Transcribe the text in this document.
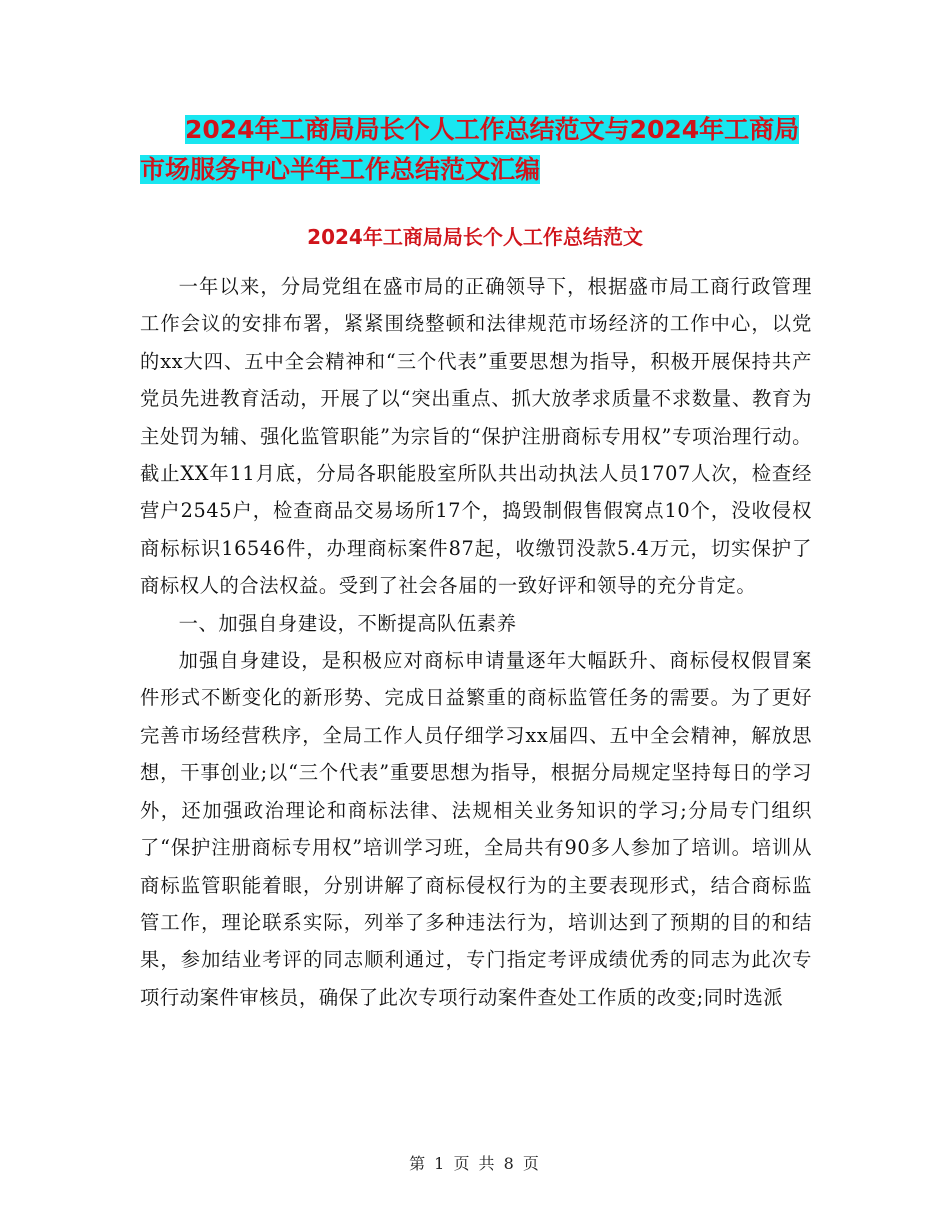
2024年工商局局长个人工作总结范文与2024年工商局
市场服务中心半年工作总结范文汇编
2024年工商局局长个人工作总结范文

一年以来，分局党组在盛市局的正确领导下，根据盛市局工商行政管理工作会议的安排布署，紧紧围绕整顿和法律规范市场经济的工作中心，以党的xx大四、五中全会精神和“三个代表”重要思想为指导，积极开展保持共产党员先进教育活动，开展了以“突出重点、抓大放孝求质量不求数量、教育为主处罚为辅、强化监管职能”为宗旨的“保护注册商标专用权”专项治理行动。截止XX年11月底，分局各职能股室所队共出动执法人员1707人次，检查经营户2545户，检查商品交易场所17个，捣毁制假售假窝点10个，没收侵权商标标识16546件，办理商标案件87起，收缴罚没款5.4万元，切实保护了商标权人的合法权益。受到了社会各届的一致好评和领导的充分肯定。

一、加强自身建设，不断提高队伍素养

加强自身建设，是积极应对商标申请量逐年大幅跃升、商标侵权假冒案件形式不断变化的新形势、完成日益繁重的商标监管任务的需要。为了更好完善市场经营秩序，全局工作人员仔细学习xx届四、五中全会精神，解放思想，干事创业;以“三个代表”重要思想为指导，根据分局规定坚持每日的学习外，还加强政治理论和商标法律、法规相关业务知识的学习;分局专门组织了“保护注册商标专用权”培训学习班，全局共有90多人参加了培训。培训从商标监管职能着眼，分别讲解了商标侵权行为的主要表现形式，结合商标监管工作，理论联系实际，列举了多种违法行为，培训达到了预期的目的和结果，参加结业考评的同志顺利通过，专门指定考评成绩优秀的同志为此次专项行动案件审核员，确保了此次专项行动案件查处工作质的改变;同时选派

第 1 页 共 8 页
